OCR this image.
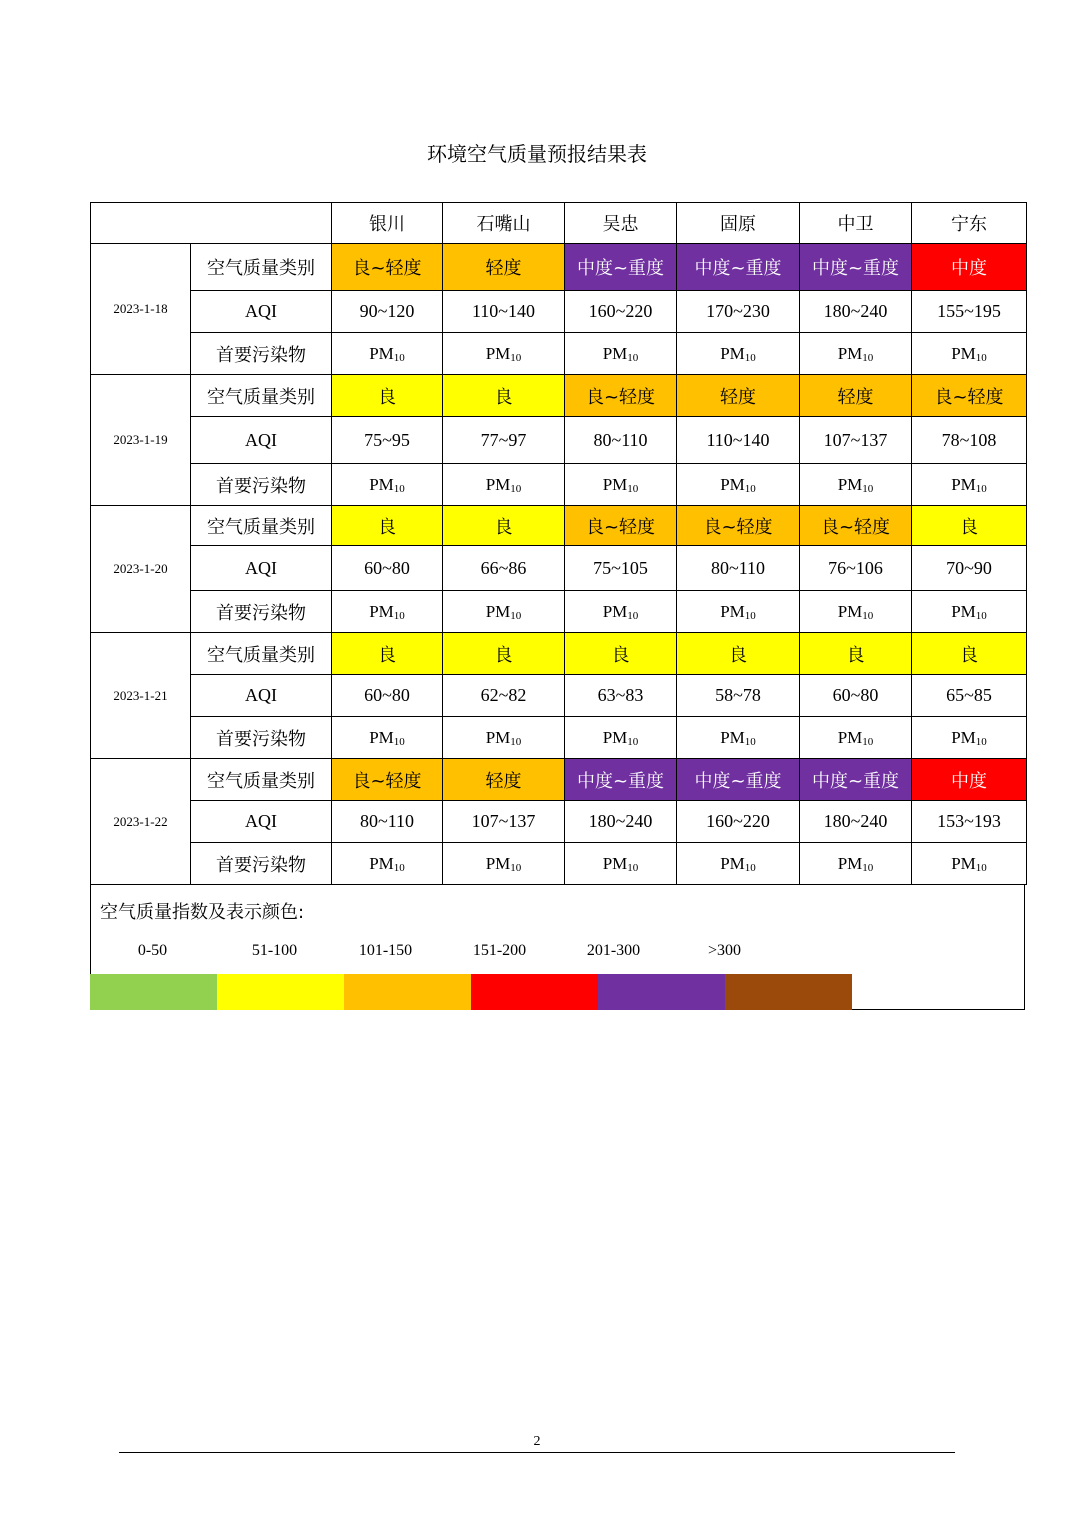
环境空气质量预报结果表
		银川	石嘴山	吴忠	固原	中卫	宁东
2023-1-18	空气质量类别	良~轻度	轻度	中度~重度	中度~重度	中度~重度	中度
	AQI	90~120	110~140	160~220	170~230	180~240	155~195
	首要污染物	$PM_{10}$	$PM_{10}$	$PM_{10}$	$PM_{10}$	$PM_{10}$	$PM_{10}$
2023-1-19	空气质量类别	良	良	良~轻度	轻度	轻度	良~轻度
	AQI	75~95	77~97	80~110	110~140	107~137	78~108
	首要污染物	$PM_{10}$	$PM_{10}$	$PM_{10}$	$PM_{10}$	$PM_{10}$	$PM_{10}$
2023-1-20	空气质量类别	良	良	良~轻度	良~轻度	良~轻度	良
	AQI	60~80	66~86	75~105	80~110	76~106	70~90
	首要污染物	$PM_{10}$	$PM_{10}$	$PM_{10}$	$PM_{10}$	$PM_{10}$	$PM_{10}$
2023-1-21	空气质量类别	良	良	良	良	良	良
	AQI	60~80	62~82	63~83	58~78	60~80	65~85
	首要污染物	$PM_{10}$	$PM_{10}$	$PM_{10}$	$PM_{10}$	$PM_{10}$	$PM_{10}$
2023-1-22	空气质量类别	良~轻度	轻度	中度~重度	中度~重度	中度~重度	中度
	AQI	80~110	107~137	180~240	160~220	180~240	153~193
	首要污染物	$PM_{10}$	$PM_{10}$	$PM_{10}$	$PM_{10}$	$PM_{10}$	$PM_{10}$
空气质量指数及表示颜色:
0-50	51-100	101-150	151-200	201-300	>300
2
